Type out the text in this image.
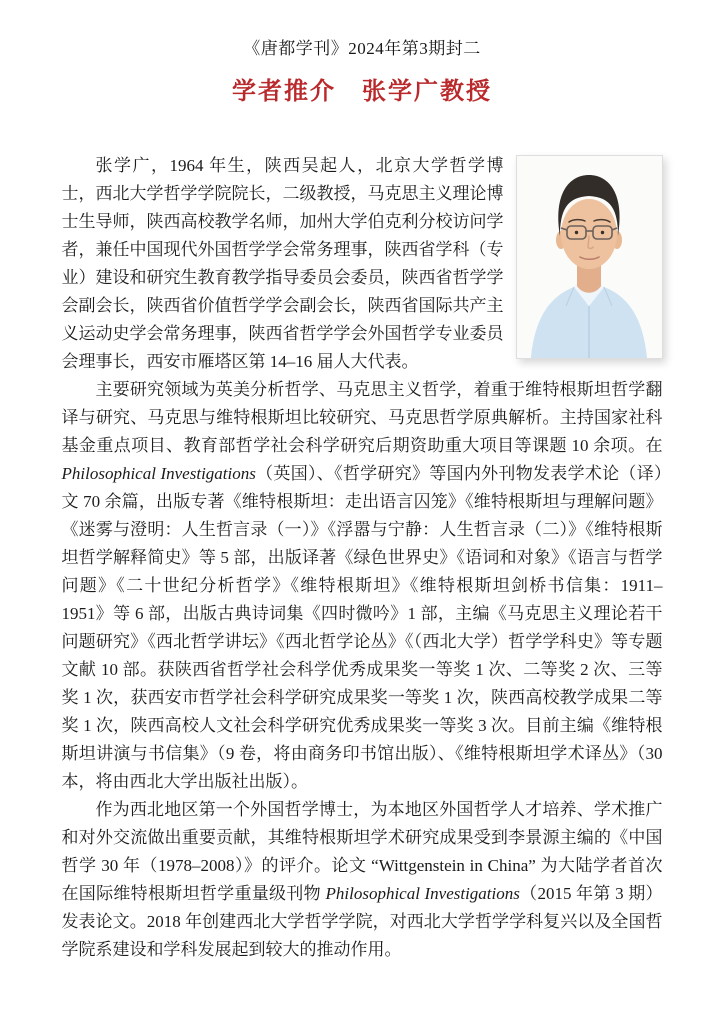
《唐都学刊》2024年第3期封二
学者推介　张学广教授

张学广，1964 年生，陕西吴起人，北京大学哲学博士，西北大学哲学学院院长，二级教授，马克思主义理论博士生导师，陕西高校教学名师，加州大学伯克利分校访问学者，兼任中国现代外国哲学学会常务理事，陕西省学科（专业）建设和研究生教育教学指导委员会委员，陕西省哲学学会副会长，陕西省价值哲学学会副会长，陕西省国际共产主义运动史学会常务理事，陕西省哲学学会外国哲学专业委员会理事长，西安市雁塔区第 14–16 届人大代表。

主要研究领域为英美分析哲学、马克思主义哲学，着重于维特根斯坦哲学翻译与研究、马克思与维特根斯坦比较研究、马克思哲学原典解析。主持国家社科基金重点项目、教育部哲学社会科学研究后期资助重大项目等课题 10 余项。在 Philosophical Investigations（英国）、《哲学研究》等国内外刊物发表学术论（译）文 70 余篇，出版专著《维特根斯坦：走出语言囚笼》《维特根斯坦与理解问题》《迷雾与澄明：人生哲言录（一）》《浮嚣与宁静：人生哲言录（二）》《维特根斯坦哲学解释简史》等 5 部，出版译著《绿色世界史》《语词和对象》《语言与哲学问题》《二十世纪分析哲学》《维特根斯坦》《维特根斯坦剑桥书信集：1911–1951》等 6 部，出版古典诗词集《四时微吟》1 部，主编《马克思主义理论若干问题研究》《西北哲学讲坛》《西北哲学论丛》《（西北大学）哲学学科史》等专题文献 10 部。获陕西省哲学社会科学优秀成果奖一等奖 1 次、二等奖 2 次、三等奖 1 次，获西安市哲学社会科学研究成果奖一等奖 1 次，陕西高校教学成果二等奖 1 次，陕西高校人文社会科学研究优秀成果奖一等奖 3 次。目前主编《维特根斯坦讲演与书信集》（9 卷，将由商务印书馆出版）、《维特根斯坦学术译丛》（30 本，将由西北大学出版社出版）。

作为西北地区第一个外国哲学博士，为本地区外国哲学人才培养、学术推广和对外交流做出重要贡献，其维特根斯坦学术研究成果受到李景源主编的《中国哲学 30 年（1978–2008）》的评介。论文 “Wittgenstein in China” 为大陆学者首次在国际维特根斯坦哲学重量级刊物 Philosophical Investigations（2015 年第 3 期）发表论文。2018 年创建西北大学哲学学院，对西北大学哲学学科复兴以及全国哲学院系建设和学科发展起到较大的推动作用。
